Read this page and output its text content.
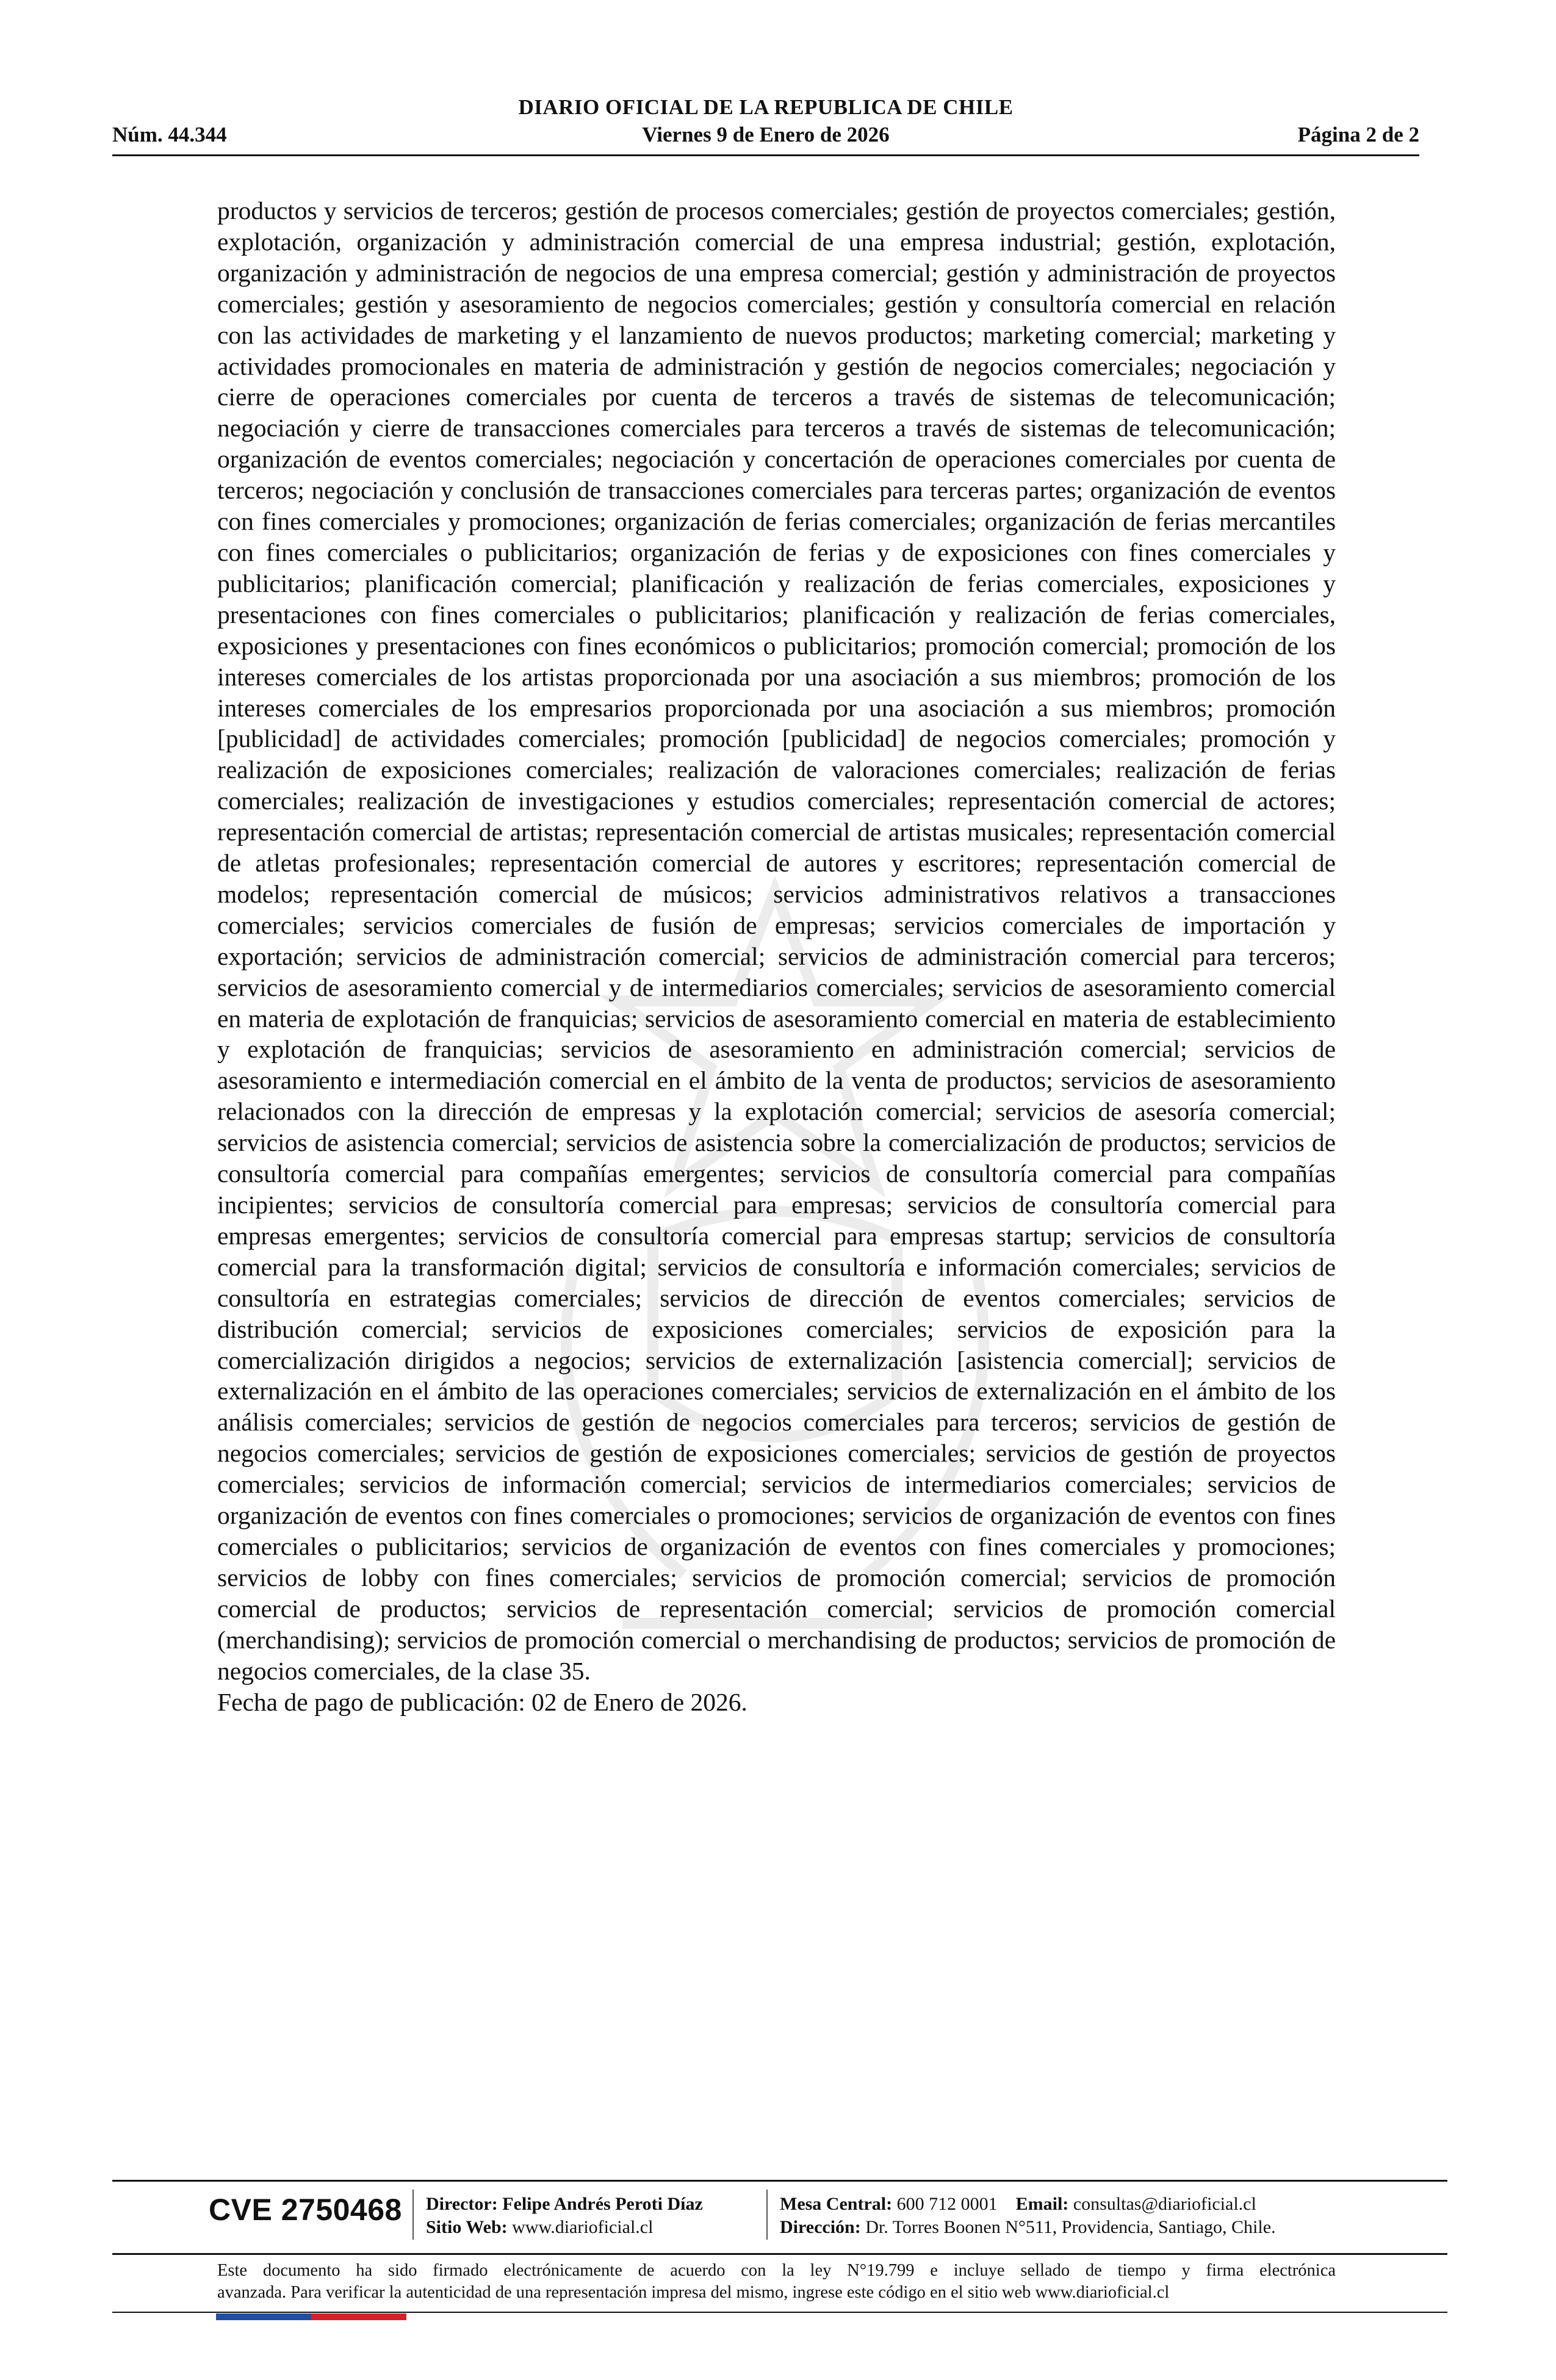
DIARIO OFICIAL DE LA REPUBLICA DE CHILE
Núm. 44.344	Viernes 9 de Enero de 2026	Página 2 de 2

productos y servicios de terceros; gestión de procesos comerciales; gestión de proyectos comerciales; gestión, explotación, organización y administración comercial de una empresa industrial; gestión, explotación, organización y administración de negocios de una empresa comercial; gestión y administración de proyectos comerciales; gestión y asesoramiento de negocios comerciales; gestión y consultoría comercial en relación con las actividades de marketing y el lanzamiento de nuevos productos; marketing comercial; marketing y actividades promocionales en materia de administración y gestión de negocios comerciales; negociación y cierre de operaciones comerciales por cuenta de terceros a través de sistemas de telecomunicación; negociación y cierre de transacciones comerciales para terceros a través de sistemas de telecomunicación; organización de eventos comerciales; negociación y concertación de operaciones comerciales por cuenta de terceros; negociación y conclusión de transacciones comerciales para terceras partes; organización de eventos con fines comerciales y promociones; organización de ferias comerciales; organización de ferias mercantiles con fines comerciales o publicitarios; organización de ferias y de exposiciones con fines comerciales y publicitarios; planificación comercial; planificación y realización de ferias comerciales, exposiciones y presentaciones con fines comerciales o publicitarios; planificación y realización de ferias comerciales, exposiciones y presentaciones con fines económicos o publicitarios; promoción comercial; promoción de los intereses comerciales de los artistas proporcionada por una asociación a sus miembros; promoción de los intereses comerciales de los empresarios proporcionada por una asociación a sus miembros; promoción [publicidad] de actividades comerciales; promoción [publicidad] de negocios comerciales; promoción y realización de exposiciones comerciales; realización de valoraciones comerciales; realización de ferias comerciales; realización de investigaciones y estudios comerciales; representación comercial de actores; representación comercial de artistas; representación comercial de artistas musicales; representación comercial de atletas profesionales; representación comercial de autores y escritores; representación comercial de modelos; representación comercial de músicos; servicios administrativos relativos a transacciones comerciales; servicios comerciales de fusión de empresas; servicios comerciales de importación y exportación; servicios de administración comercial; servicios de administración comercial para terceros; servicios de asesoramiento comercial y de intermediarios comerciales; servicios de asesoramiento comercial en materia de explotación de franquicias; servicios de asesoramiento comercial en materia de establecimiento y explotación de franquicias; servicios de asesoramiento en administración comercial; servicios de asesoramiento e intermediación comercial en el ámbito de la venta de productos; servicios de asesoramiento relacionados con la dirección de empresas y la explotación comercial; servicios de asesoría comercial; servicios de asistencia comercial; servicios de asistencia sobre la comercialización de productos; servicios de consultoría comercial para compañías emergentes; servicios de consultoría comercial para compañías incipientes; servicios de consultoría comercial para empresas; servicios de consultoría comercial para empresas emergentes; servicios de consultoría comercial para empresas startup; servicios de consultoría comercial para la transformación digital; servicios de consultoría e información comerciales; servicios de consultoría en estrategias comerciales; servicios de dirección de eventos comerciales; servicios de distribución comercial; servicios de exposiciones comerciales; servicios de exposición para la comercialización dirigidos a negocios; servicios de externalización [asistencia comercial]; servicios de externalización en el ámbito de las operaciones comerciales; servicios de externalización en el ámbito de los análisis comerciales; servicios de gestión de negocios comerciales para terceros; servicios de gestión de negocios comerciales; servicios de gestión de exposiciones comerciales; servicios de gestión de proyectos comerciales; servicios de información comercial; servicios de intermediarios comerciales; servicios de organización de eventos con fines comerciales o promociones; servicios de organización de eventos con fines comerciales o publicitarios; servicios de organización de eventos con fines comerciales y promociones; servicios de lobby con fines comerciales; servicios de promoción comercial; servicios de promoción comercial de productos; servicios de representación comercial; servicios de promoción comercial (merchandising); servicios de promoción comercial o merchandising de productos; servicios de promoción de negocios comerciales, de la clase 35.

Fecha de pago de publicación: 02 de Enero de 2026.

CVE 2750468 Director: Felipe Andrés Peroti Díaz
Sitio Web: www.diarioficial.cl
Mesa Central: 600 712 0001 Email: consultas@diarioficial.cl
Dirección: Dr. Torres Boonen N°511, Providencia, Santiago, Chile.
Este documento ha sido firmado electrónicamente de acuerdo con la ley N°19.799 e incluye sellado de tiempo y firma electrónica
avanzada. Para verificar la autenticidad de una representación impresa del mismo, ingrese este código en el sitio web www.diarioficial.cl
